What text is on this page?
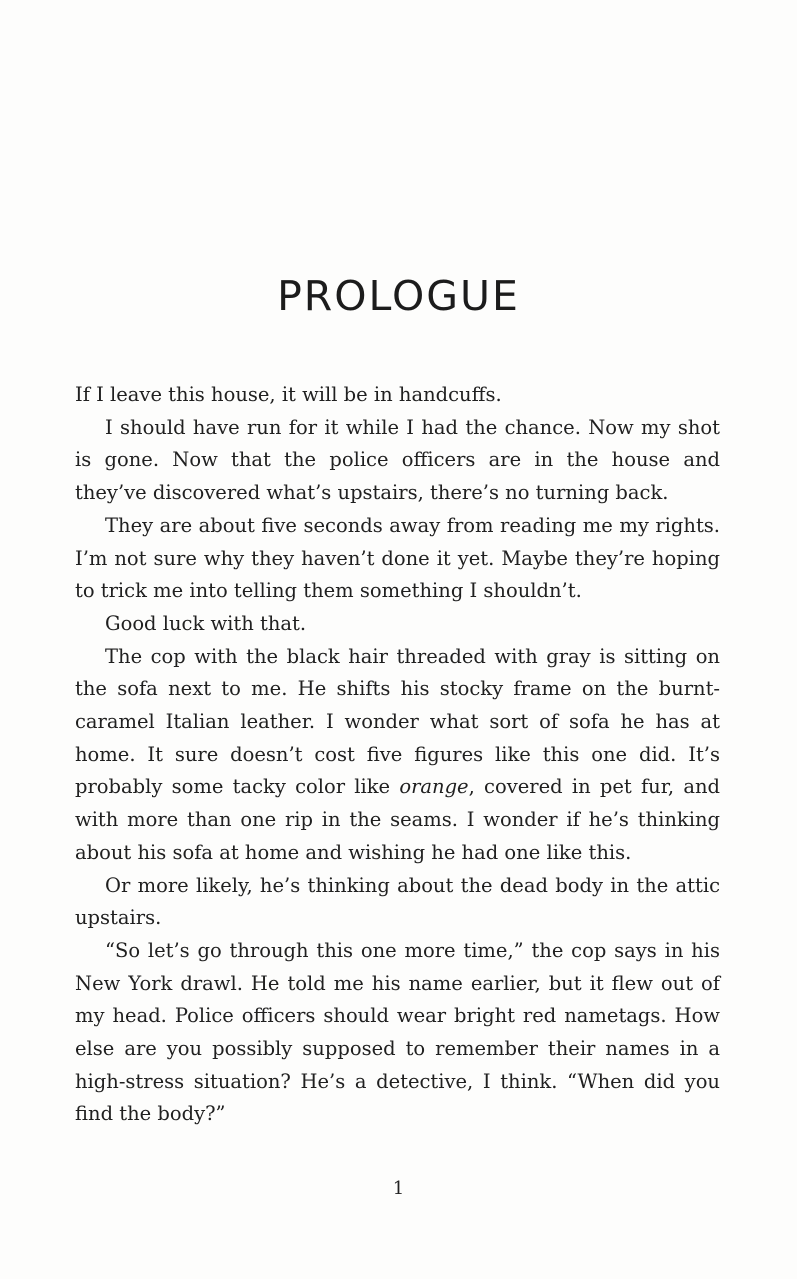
PROLOGUE

If I leave this house, it will be in handcuffs.

I should have run for it while I had the chance. Now my shot is gone. Now that the police officers are in the house and they’ve discovered what’s upstairs, there’s no turning back.

They are about five seconds away from reading me my rights. I’m not sure why they haven’t done it yet. Maybe they’re hoping to trick me into telling them something I shouldn’t.

Good luck with that.

The cop with the black hair threaded with gray is sitting on the sofa next to me. He shifts his stocky frame on the burnt-caramel Italian leather. I wonder what sort of sofa he has at home. It sure doesn’t cost five figures like this one did. It’s probably some tacky color like orange, covered in pet fur, and with more than one rip in the seams. I wonder if he’s thinking about his sofa at home and wishing he had one like this.

Or more likely, he’s thinking about the dead body in the attic upstairs.

“So let’s go through this one more time,” the cop says in his New York drawl. He told me his name earlier, but it flew out of my head. Police officers should wear bright red nametags. How else are you possibly supposed to remember their names in a high-stress situation? He’s a detective, I think. “When did you find the body?”

1
